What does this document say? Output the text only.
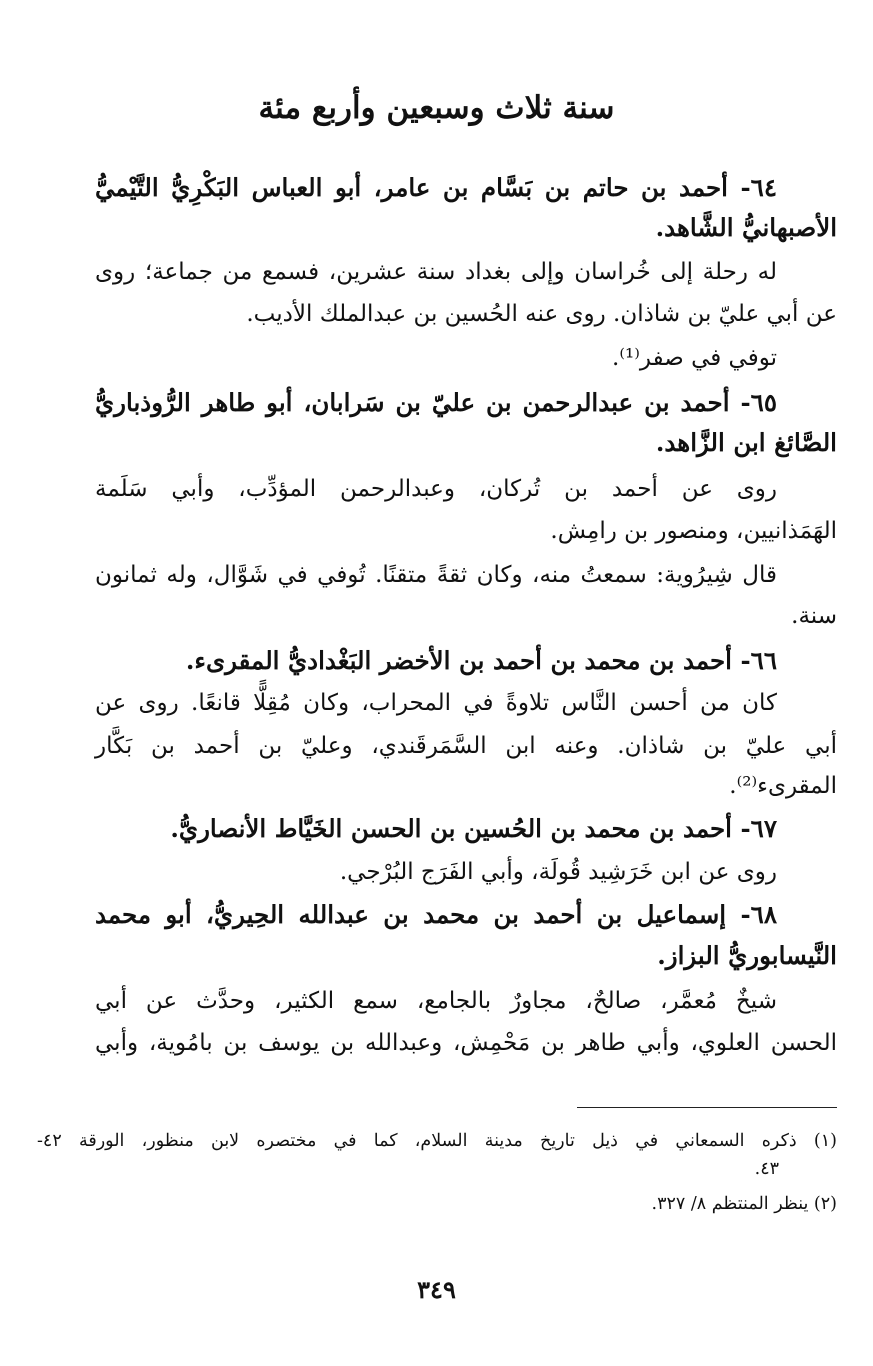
سنة ثلاث وسبعين وأربع مئة
٦٤- أحمد بن حاتم بن بَسَّام بن عامر، أبو العباس البَكْرِيُّ التَّيْميُّ
الأصبهانيُّ الشَّاهد.
له رحلة إلى خُراسان وإلى بغداد سنة عشرين، فسمع من جماعة؛ روى
عن أبي عليّ بن شاذان. روى عنه الحُسين بن عبدالملك الأديب.
توفي في صفر⁽¹⁾.
٦٥- أحمد بن عبدالرحمن بن عليّ بن سَرابان، أبو طاهر الرُّوذباريُّ
الصَّائغ ابن الزَّاهد.
روى عن أحمد بن تُركان، وعبدالرحمن المؤدِّب، وأبي سَلَمة
الهَمَذانيين، ومنصور بن رامِش.
قال شِيرُوية: سمعتُ منه، وكان ثقةً متقنًا. تُوفي في شَوَّال، وله ثمانون
سنة.
٦٦- أحمد بن محمد بن أحمد بن الأخضر البَغْداديُّ المقرىء.
كان من أحسن النَّاس تلاوةً في المحراب، وكان مُقِلًّا قانعًا. روى عن
أبي عليّ بن شاذان. وعنه ابن السَّمَرقَندي، وعليّ بن أحمد بن بَكَّار
المقرىء⁽²⁾.
٦٧- أحمد بن محمد بن الحُسين بن الحسن الخَيَّاط الأنصاريُّ.
روى عن ابن خَرَشِيد قُولَة، وأبي الفَرَج البُرْجي.
٦٨- إسماعيل بن أحمد بن محمد بن عبدالله الحِيريُّ، أبو محمد
النَّيسابوريُّ البزاز.
شيخٌ مُعمَّر، صالحٌ، مجاورٌ بالجامع، سمع الكثير، وحدَّث عن أبي
الحسن العلوي، وأبي طاهر بن مَحْمِش، وعبدالله بن يوسف بن بامُوية، وأبي
(١) ذكره السمعاني في ذيل تاريخ مدينة السلام، كما في مختصره لابن منظور، الورقة ٤٢-
٤٣.
(٢) ينظر المنتظم ٨/ ٣٢٧.
٣٤٩
